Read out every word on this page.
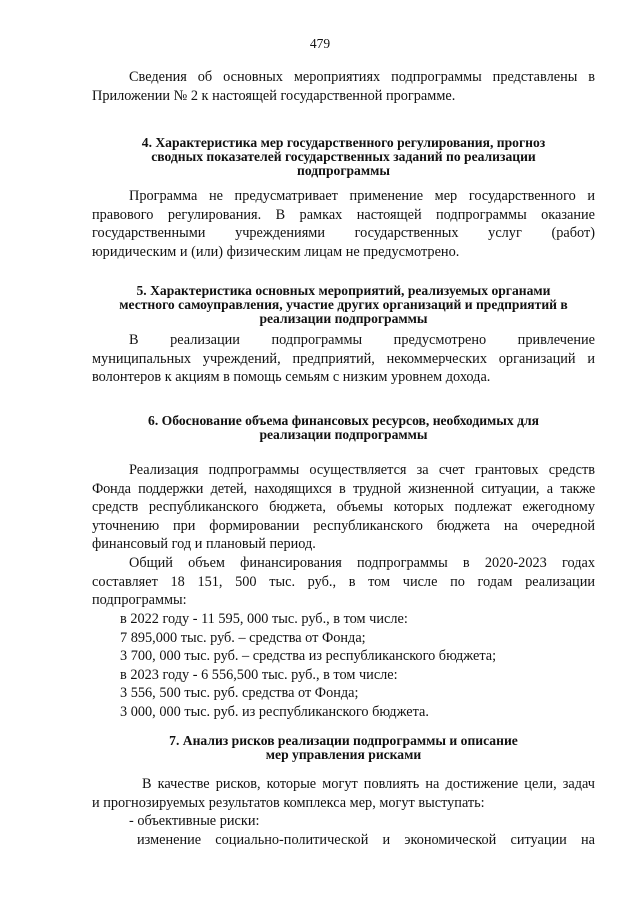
479
Сведения об основных мероприятиях подпрограммы представлены в
Приложении № 2 к настоящей государственной программе.
4. Характеристика мер государственного регулирования, прогноз
сводных показателей государственных заданий по реализации
подпрограммы
Программа не предусматривает применение мер государственного и
правового регулирования. В рамках настоящей подпрограммы оказание
государственными учреждениями государственных услуг (работ)
юридическим и (или) физическим лицам не предусмотрено.
5. Характеристика основных мероприятий, реализуемых органами
местного самоуправления, участие других организаций и предприятий в
реализации подпрограммы
В реализации подпрограммы предусмотрено привлечение
муниципальных учреждений, предприятий, некоммерческих организаций и
волонтеров к акциям в помощь семьям с низким уровнем дохода.
6. Обоснование объема финансовых ресурсов, необходимых для
реализации подпрограммы
Реализация подпрограммы осуществляется за счет грантовых средств
Фонда поддержки детей, находящихся в трудной жизненной ситуации, а также
средств республиканского бюджета, объемы которых подлежат ежегодному
уточнению при формировании республиканского бюджета на очередной
финансовый год и плановый период.
Общий объем финансирования подпрограммы в 2020-2023 годах
составляет 18 151, 500 тыс. руб., в том числе по годам реализации
подпрограммы:
в 2022 году - 11 595, 000 тыс. руб., в том числе:
7 895,000 тыс. руб. – средства от Фонда;
3 700, 000 тыс. руб. – средства из республиканского бюджета;
в 2023 году - 6 556,500 тыс. руб., в том числе:
3 556, 500 тыс. руб. средства от Фонда;
3 000, 000 тыс. руб. из республиканского бюджета.
7. Анализ рисков реализации подпрограммы и описание
мер управления рисками
В качестве рисков, которые могут повлиять на достижение цели, задач
и прогнозируемых результатов комплекса мер, могут выступать:
- объективные риски:
изменение социально-политической и экономической ситуации на
